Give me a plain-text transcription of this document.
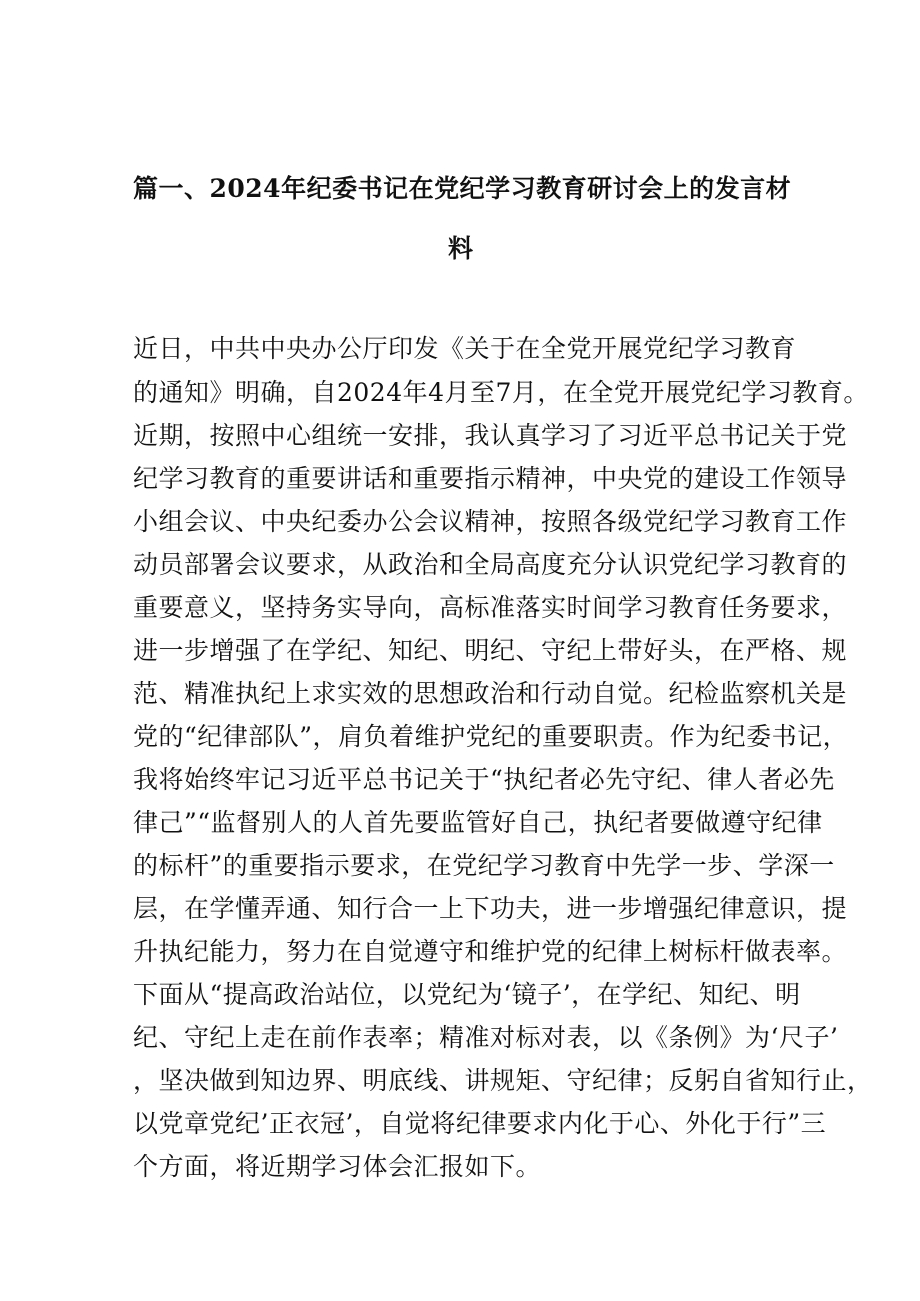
篇一、2024年纪委书记在党纪学习教育研讨会上的发言材
料
近日，中共中央办公厅印发《关于在全党开展党纪学习教育
的通知》明确，自2024年4月至7月，在全党开展党纪学习教育。
近期，按照中心组统一安排，我认真学习了习近平总书记关于党
纪学习教育的重要讲话和重要指示精神，中央党的建设工作领导
小组会议、中央纪委办公会议精神，按照各级党纪学习教育工作
动员部署会议要求，从政治和全局高度充分认识党纪学习教育的
重要意义，坚持务实导向，高标准落实时间学习教育任务要求，
进一步增强了在学纪、知纪、明纪、守纪上带好头，在严格、规
范、精准执纪上求实效的思想政治和行动自觉。纪检监察机关是
党的“纪律部队”，肩负着维护党纪的重要职责。作为纪委书记，
我将始终牢记习近平总书记关于“执纪者必先守纪、律人者必先
律己”“监督别人的人首先要监管好自己，执纪者要做遵守纪律
的标杆”的重要指示要求，在党纪学习教育中先学一步、学深一
层，在学懂弄通、知行合一上下功夫，进一步增强纪律意识，提
升执纪能力，努力在自觉遵守和维护党的纪律上树标杆做表率。
下面从“提高政治站位，以党纪为‘镜子’，在学纪、知纪、明
纪、守纪上走在前作表率；精准对标对表，以《条例》为‘尺子’
，坚决做到知边界、明底线、讲规矩、守纪律；反躬自省知行止，
以党章党纪’正衣冠’，自觉将纪律要求内化于心、外化于行”三
个方面，将近期学习体会汇报如下。
